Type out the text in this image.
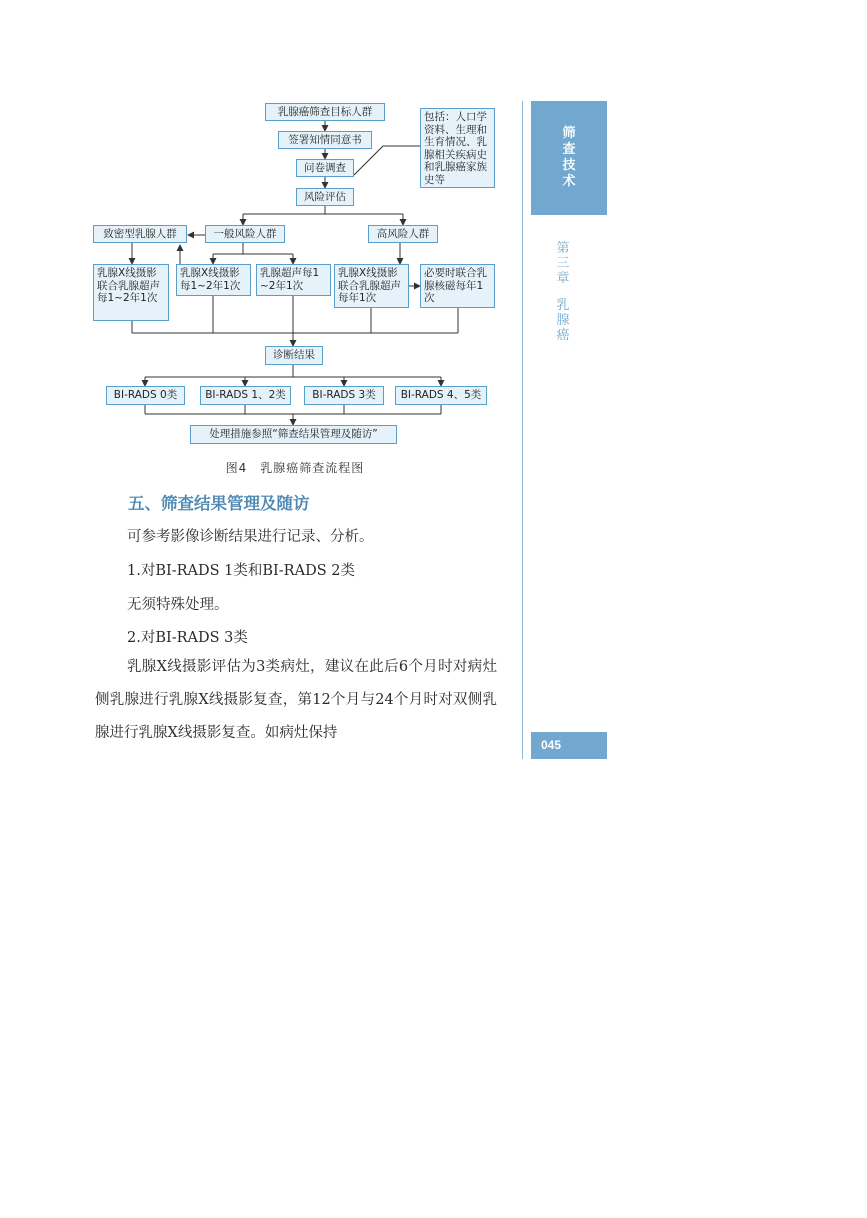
乳腺癌筛查目标人群
签署知情同意书
问卷调查
包括：人口学资料、生理和生育情况、乳腺相关疾病史和乳腺癌家族史等
风险评估
致密型乳腺人群	一般风险人群	高风险人群
乳腺X线摄影联合乳腺超声每1~2年1次
乳腺X线摄影每1~2年1次
乳腺超声每1~2年1次
乳腺X线摄影联合乳腺超声每年1次
必要时联合乳腺核磁每年1次
诊断结果
BI-RADS 0类	BI-RADS 1、2类	BI-RADS 3类	BI-RADS 4、5类
处理措施参照“筛查结果管理及随访”
图4　乳腺癌筛查流程图
五、筛查结果管理及随访
可参考影像诊断结果进行记录、分析。
1.对BI-RADS 1类和BI-RADS 2类
无须特殊处理。
2.对BI-RADS 3类
乳腺X线摄影评估为3类病灶，建议在此后6个月时对病灶侧乳腺进行乳腺X线摄影复查，第12个月与24个月时对双侧乳腺进行乳腺X线摄影复查。如病灶保持
筛
查
技
术
第
三
章
乳
腺
癌
045
